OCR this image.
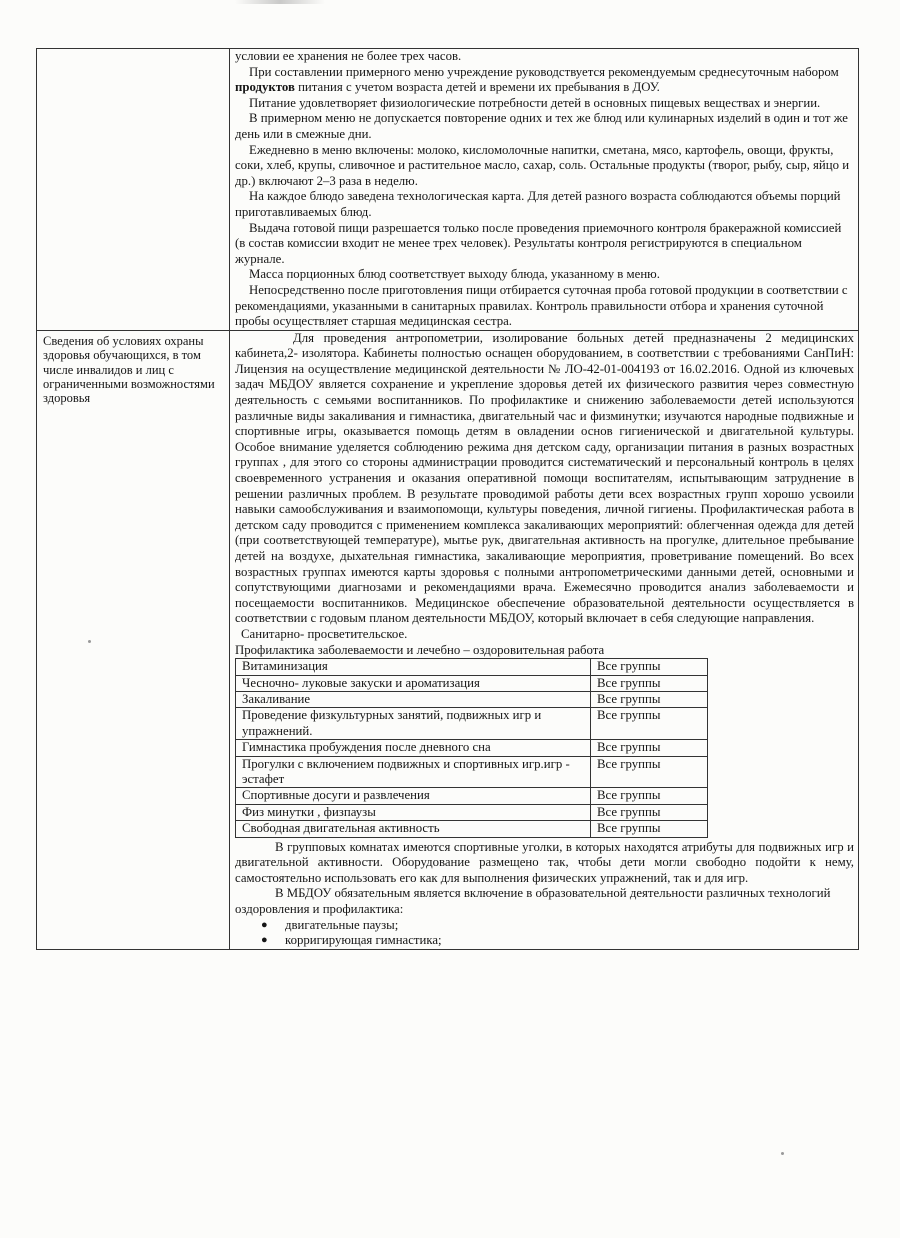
условии ее хранения не более трех часов.

При составлении примерного меню учреждение руководствуется рекомендуемым среднесуточным набором продуктов питания с учетом возраста детей и времени их пребывания в ДОУ.

Питание удовлетворяет физиологические потребности детей в основных пищевых веществах и энергии.

В примерном меню не допускается повторение одних и тех же блюд или кулинарных изделий в один и тот же день или в смежные дни.

Ежедневно в меню включены: молоко, кисломолочные напитки, сметана, мясо, картофель, овощи, фрукты, соки, хлеб, крупы, сливочное и растительное масло, сахар, соль. Остальные продукты (творог, рыбу, сыр, яйцо и др.) включают 2–3 раза в неделю.

На каждое блюдо заведена технологическая карта. Для детей разного возраста соблюдаются объемы порций приготавливаемых блюд.

Выдача готовой пищи разрешается только после проведения приемочного контроля бракеражной комиссией (в состав комиссии входит не менее трех человек). Результаты контроля регистрируются в специальном журнале.

Масса порционных блюд соответствует выходу блюда, указанному в меню.

Непосредственно после приготовления пищи отбирается суточная проба готовой продукции в соответствии с рекомендациями, указанными в санитарных правилах. Контроль правильности отбора и хранения суточной пробы осуществляет старшая медицинская сестра.

Сведения об условиях охраны здоровья обучающихся, в том числе инвалидов и лиц с ограниченными возможностями здоровья

Для проведения антропометрии, изолирование больных детей предназначены 2 медицинских кабинета,2- изолятора. Кабинеты полностью оснащен оборудованием, в соответствии с требованиями СанПиН: Лицензия на осуществление медицинской деятельности № ЛО-42-01-004193 от 16.02.2016. Одной из ключевых задач МБДОУ является сохранение и укрепление здоровья детей их физического развития через совместную деятельность с семьями воспитанников. По профилактике и снижению заболеваемости детей используются различные виды закаливания и гимнастика, двигательный час и физминутки; изучаются народные подвижные и спортивные игры, оказывается помощь детям в овладении основ гигиенической и двигательной культуры. Особое внимание уделяется соблюдению режима дня детском саду, организации питания в разных возрастных группах , для этого со стороны администрации проводится систематический и персональный контроль в целях своевременного устранения и оказания оперативной помощи воспитателям, испытывающим затруднение в решении различных проблем. В результате проводимой работы дети всех возрастных групп хорошо усвоили навыки самообслуживания и взаимопомощи, культуры поведения, личной гигиены. Профилактическая работа в детском саду проводится с применением комплекса закаливающих мероприятий: облегченная одежда для детей (при соответствующей температуре), мытье рук, двигательная активность на прогулке, длительное пребывание детей на воздухе, дыхательная гимнастика, закаливающие мероприятия, проветривание помещений. Во всех возрастных группах имеются карты здоровья с полными антропометрическими данными детей, основными и сопутствующими диагнозами и рекомендациями врача. Ежемесячно проводится анализ заболеваемости и посещаемости воспитанников. Медицинское обеспечение образовательной деятельности осуществляется в соответствии с годовым планом деятельности МБДОУ, который включает в себя следующие направления.

Санитарно- просветительское.

Профилактика заболеваемости и лечебно – оздоровительная работа

Витаминизация	Все группы
Чесночно- луковые закуски и ароматизация	Все группы
Закаливание	Все группы
Проведение физкультурных занятий, подвижных игр и упражнений.	Все группы
Гимнастика пробуждения после дневного сна	Все группы
Прогулки с включением подвижных и спортивных игр.игр - эстафет	Все группы
Спортивные досуги и развлечения	Все группы
Физ минутки , физпаузы	Все группы
Свободная двигательная активность	Все группы

В групповых комнатах имеются спортивные уголки, в которых находятся атрибуты для подвижных игр и двигательной активности. Оборудование размещено так, чтобы дети могли свободно подойти к нему, самостоятельно использовать его как для выполнения физических упражнений, так и для игр.

В МБДОУ обязательным является включение в образовательной деятельности различных технологий оздоровления и профилактика:

● двигательные паузы;
● корригирующая гимнастика;
